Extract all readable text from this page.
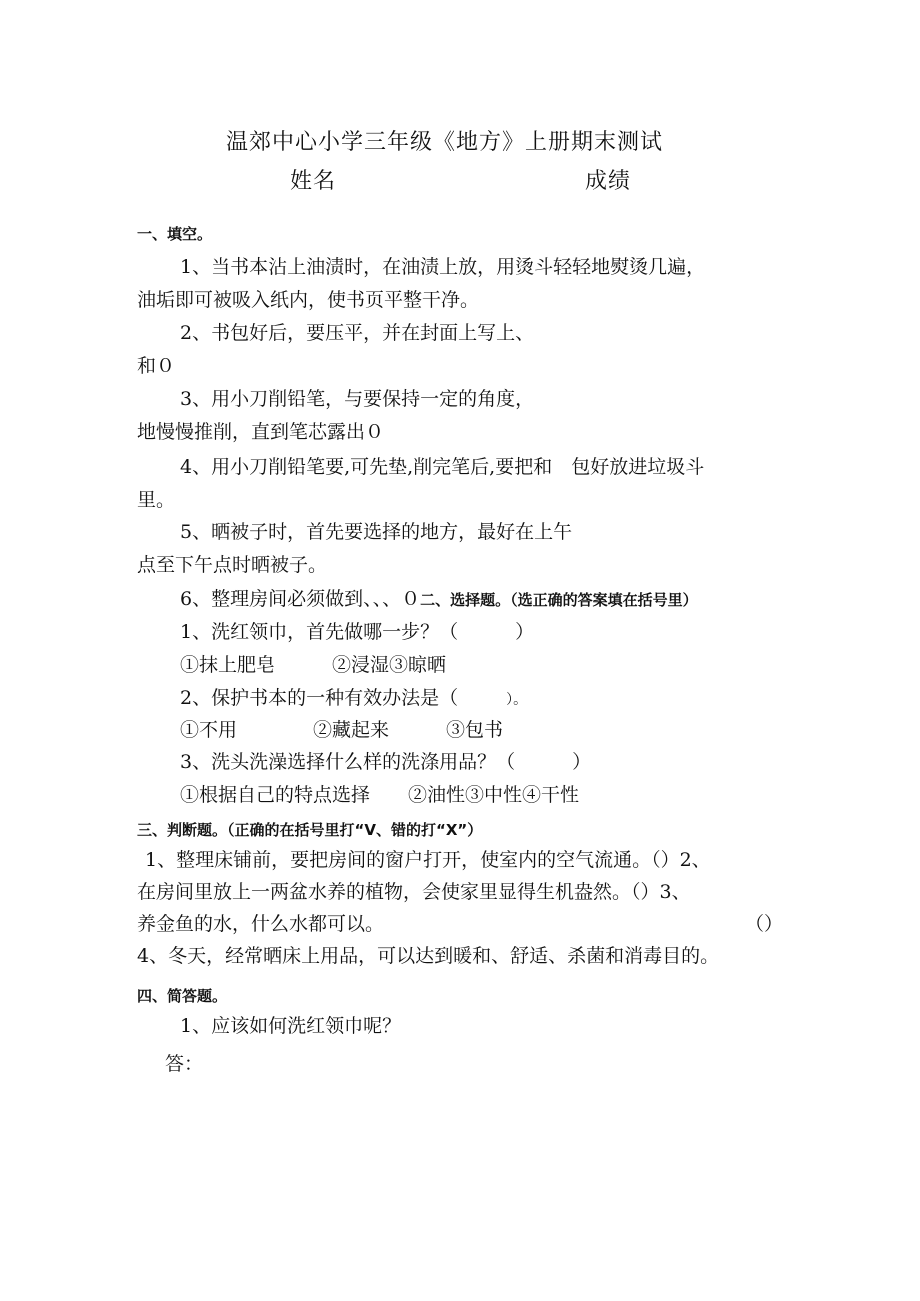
温郊中心小学三年级《地方》上册期末测试
姓名	成绩
一、填空。
1、当书本沾上油渍时，在油渍上放，用烫斗轻轻地熨烫几遍，
油垢即可被吸入纸内，使书页平整干净。
2、书包好后，要压平，并在封面上写上、
和０
3、用小刀削铅笔，与要保持一定的角度，
地慢慢推削，直到笔芯露出０
4、用小刀削铅笔要,可先垫,削完笔后,要把和　包好放进垃圾斗
里。
5、晒被子时，首先要选择的地方，最好在上午
点至下午点时晒被子。
6、整理房间必须做到、、、０二、选择题。（选正确的答案填在括号里）
1、洗红领巾，首先做哪一步？（　　　）
①抹上肥皂　　　②浸湿③晾晒
2、保护书本的一种有效办法是（	）。
①不用　　　　②藏起来　　　③包书
3、洗头洗澡选择什么样的洗涤用品？（　　　）
①根据自己的特点选择　　②油性③中性④干性
三、判断题。（正确的在括号里打“V、错的打“X”）
1、整理床铺前，要把房间的窗户打开，使室内的空气流通。（）2、
在房间里放上一两盆水养的植物，会使家里显得生机盎然。（）3、
养金鱼的水，什么水都可以。	（）
4、冬天，经常晒床上用品，可以达到暖和、舒适、杀菌和消毒目的。
四、简答题。
1、应该如何洗红领巾呢？
答：
